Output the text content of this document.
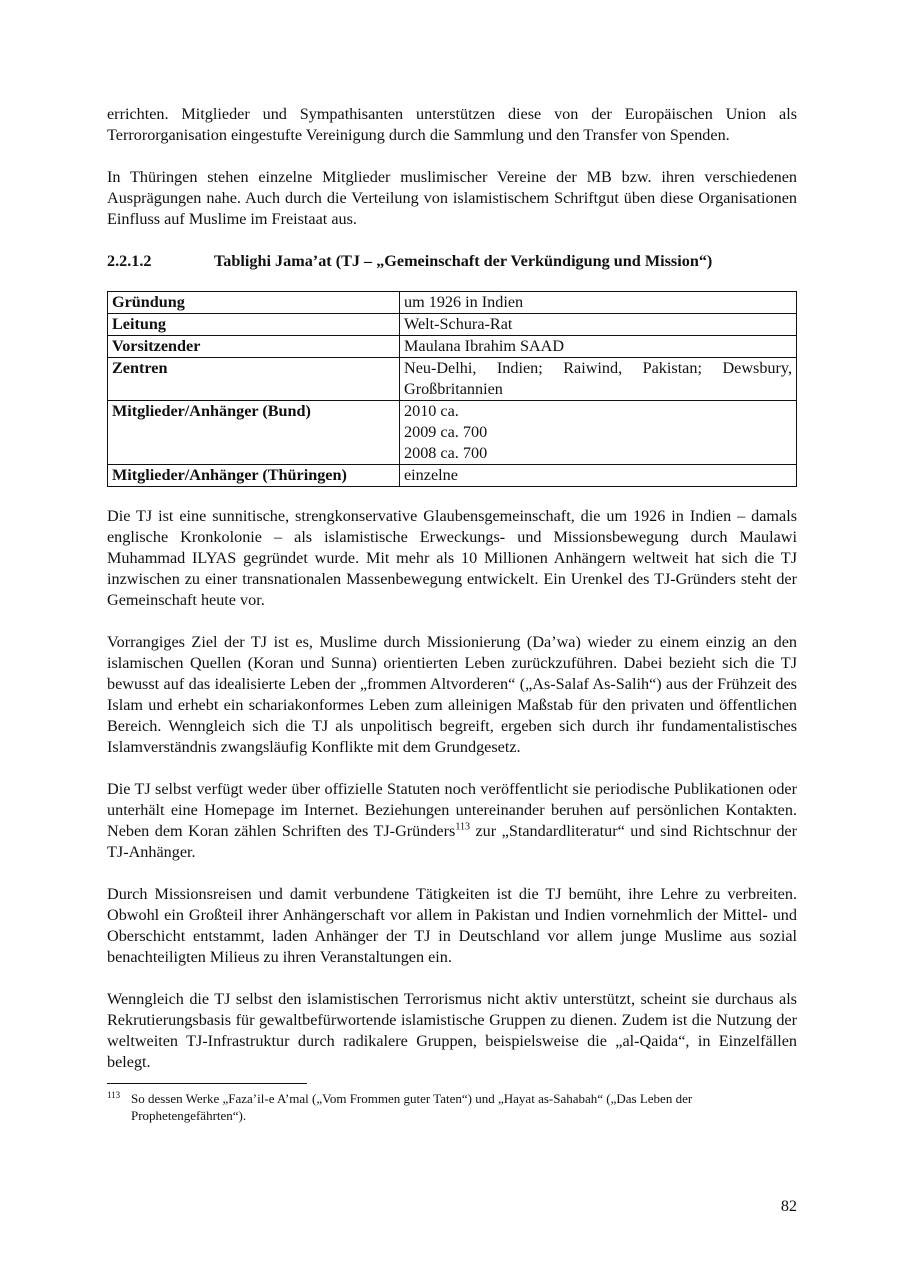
errichten. Mitglieder und Sympathisanten unterstützen diese von der Europäischen Union als Terrororganisation eingestufte Vereinigung durch die Sammlung und den Transfer von Spenden.

In Thüringen stehen einzelne Mitglieder muslimischer Vereine der MB bzw. ihren verschiedenen Ausprägungen nahe. Auch durch die Verteilung von islamistischem Schriftgut üben diese Organisationen Einfluss auf Muslime im Freistaat aus.

2.2.1.2	Tablighi Jama’at (TJ – „Gemeinschaft der Verkündigung und Mission“)
Gründung	um 1926 in Indien
Leitung	Welt-Schura-Rat
Vorsitzender	Maulana Ibrahim SAAD
Zentren	Neu-Delhi, Indien; Raiwind, Pakistan; Dewsbury, Großbritannien
Mitglieder/Anhänger (Bund)	2010 ca.
2009 ca. 700
2008 ca. 700

Mitglieder/Anhänger (Thüringen)	einzelne

Die TJ ist eine sunnitische, strengkonservative Glaubensgemeinschaft, die um 1926 in Indien – damals englische Kronkolonie – als islamistische Erweckungs- und Missionsbewegung durch Maulawi Muhammad ILYAS gegründet wurde. Mit mehr als 10 Millionen Anhängern weltweit hat sich die TJ inzwischen zu einer transnationalen Massenbewegung entwickelt. Ein Urenkel des TJ-Gründers steht der Gemeinschaft heute vor.

Vorrangiges Ziel der TJ ist es, Muslime durch Missionierung (Da’wa) wieder zu einem einzig an den islamischen Quellen (Koran und Sunna) orientierten Leben zurückzuführen. Dabei bezieht sich die TJ bewusst auf das idealisierte Leben der „frommen Altvorderen“ („As-Salaf As-Salih“) aus der Frühzeit des Islam und erhebt ein schariakonformes Leben zum alleinigen Maßstab für den privaten und öffentlichen Bereich. Wenngleich sich die TJ als unpolitisch begreift, ergeben sich durch ihr fundamentalistisches Islamverständnis zwangsläufig Konflikte mit dem Grundgesetz.

Die TJ selbst verfügt weder über offizielle Statuten noch veröffentlicht sie periodische Publikationen oder unterhält eine Homepage im Internet. Beziehungen untereinander beruhen auf persönlichen Kontakten. Neben dem Koran zählen Schriften des TJ-Gründers$^{113}$ zur „Standardliteratur“ und sind Richtschnur der TJ-Anhänger.

Durch Missionsreisen und damit verbundene Tätigkeiten ist die TJ bemüht, ihre Lehre zu verbreiten. Obwohl ein Großteil ihrer Anhängerschaft vor allem in Pakistan und Indien vornehmlich der Mittel- und Oberschicht entstammt, laden Anhänger der TJ in Deutschland vor allem junge Muslime aus sozial benachteiligten Milieus zu ihren Veranstaltungen ein.

Wenngleich die TJ selbst den islamistischen Terrorismus nicht aktiv unterstützt, scheint sie durchaus als Rekrutierungsbasis für gewaltbefürwortende islamistische Gruppen zu dienen. Zudem ist die Nutzung der weltweiten TJ-Infrastruktur durch radikalere Gruppen, beispielsweise die „al-Qaida“, in Einzelfällen belegt.

113 So dessen Werke „Faza’il-e A’mal („Vom Frommen guter Taten“) und „Hayat as-Sahabah“ („Das Leben der Prophetengefährten“).
82
